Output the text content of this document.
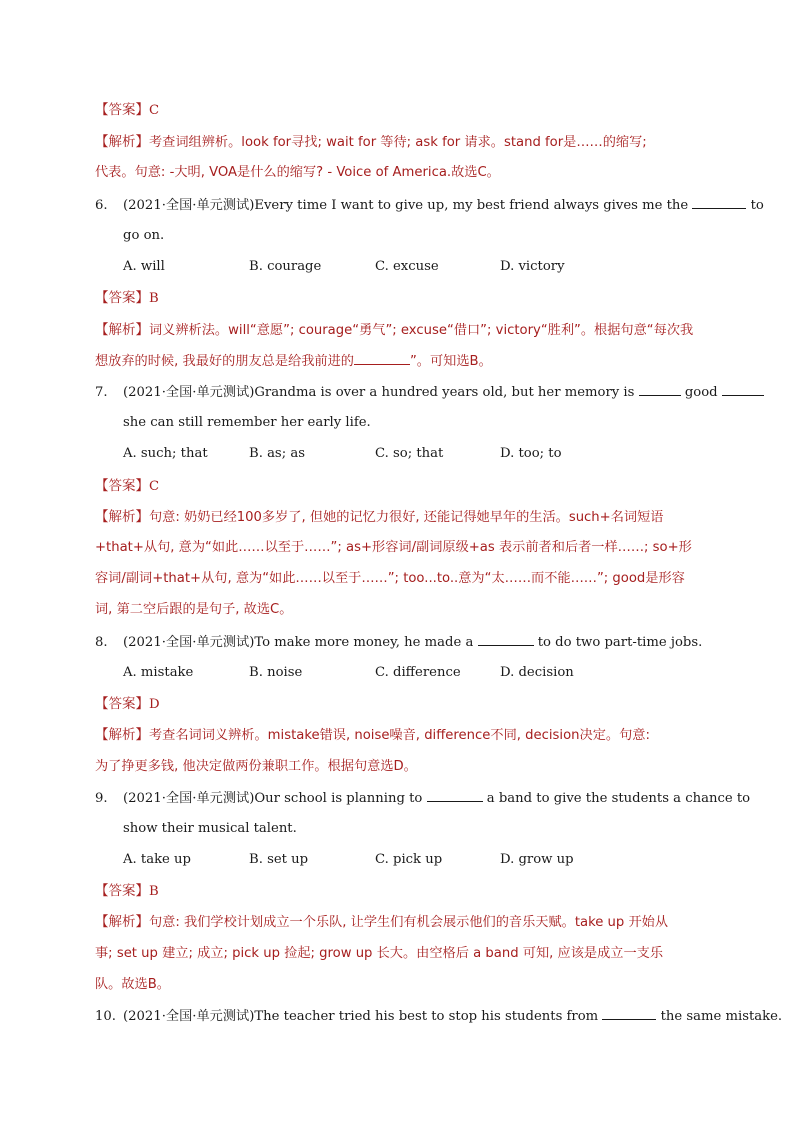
【答案】C
【解析】考查词组辨析。look for寻找; wait for 等待; ask for 请求。stand for是……的缩写;
代表。句意: -大明, VOA是什么的缩写? - Voice of America.故选C。
6. (2021·全国·单元测试)Every time I want to give up, my best friend always gives me the	to
go on.
A. will	B. courage	C. excuse	D. victory
【答案】B
【解析】词义辨析法。will“意愿”; courage“勇气”; excuse“借口”; victory“胜利”。根据句意“每次我
想放弃的时候, 我最好的朋友总是给我前进的	”。可知选B。
7. (2021·全国·单元测试)Grandma is over a hundred years old, but her memory is	good
she can still remember her early life.
A. such; that	B. as; as	C. so; that	D. too; to
【答案】C
【解析】句意: 奶奶已经100多岁了, 但她的记忆力很好, 还能记得她早年的生活。such+名词短语
+that+从句, 意为“如此……以至于……”; as+形容词/副词原级+as 表示前者和后者一样……; so+形
容词/副词+that+从句, 意为“如此……以至于……”; too...to..意为“太……而不能……”; good是形容
词, 第二空后跟的是句子, 故选C。
8. (2021·全国·单元测试)To make more money, he made a	to do two part-time jobs.
A. mistake	B. noise	C. difference	D. decision
【答案】D
【解析】考查名词词义辨析。mistake错误, noise噪音, difference不同, decision决定。句意:
为了挣更多钱, 他决定做两份兼职工作。根据句意选D。
9. (2021·全国·单元测试)Our school is planning to	a band to give the students a chance to
show their musical talent.
A. take up	B. set up	C. pick up	D. grow up
【答案】B
【解析】句意: 我们学校计划成立一个乐队, 让学生们有机会展示他们的音乐天赋。take up 开始从
事; set up 建立; 成立; pick up 捡起; grow up 长大。由空格后 a band 可知, 应该是成立一支乐
队。故选B。
10. (2021·全国·单元测试)The teacher tried his best to stop his students from	the same mistake.
